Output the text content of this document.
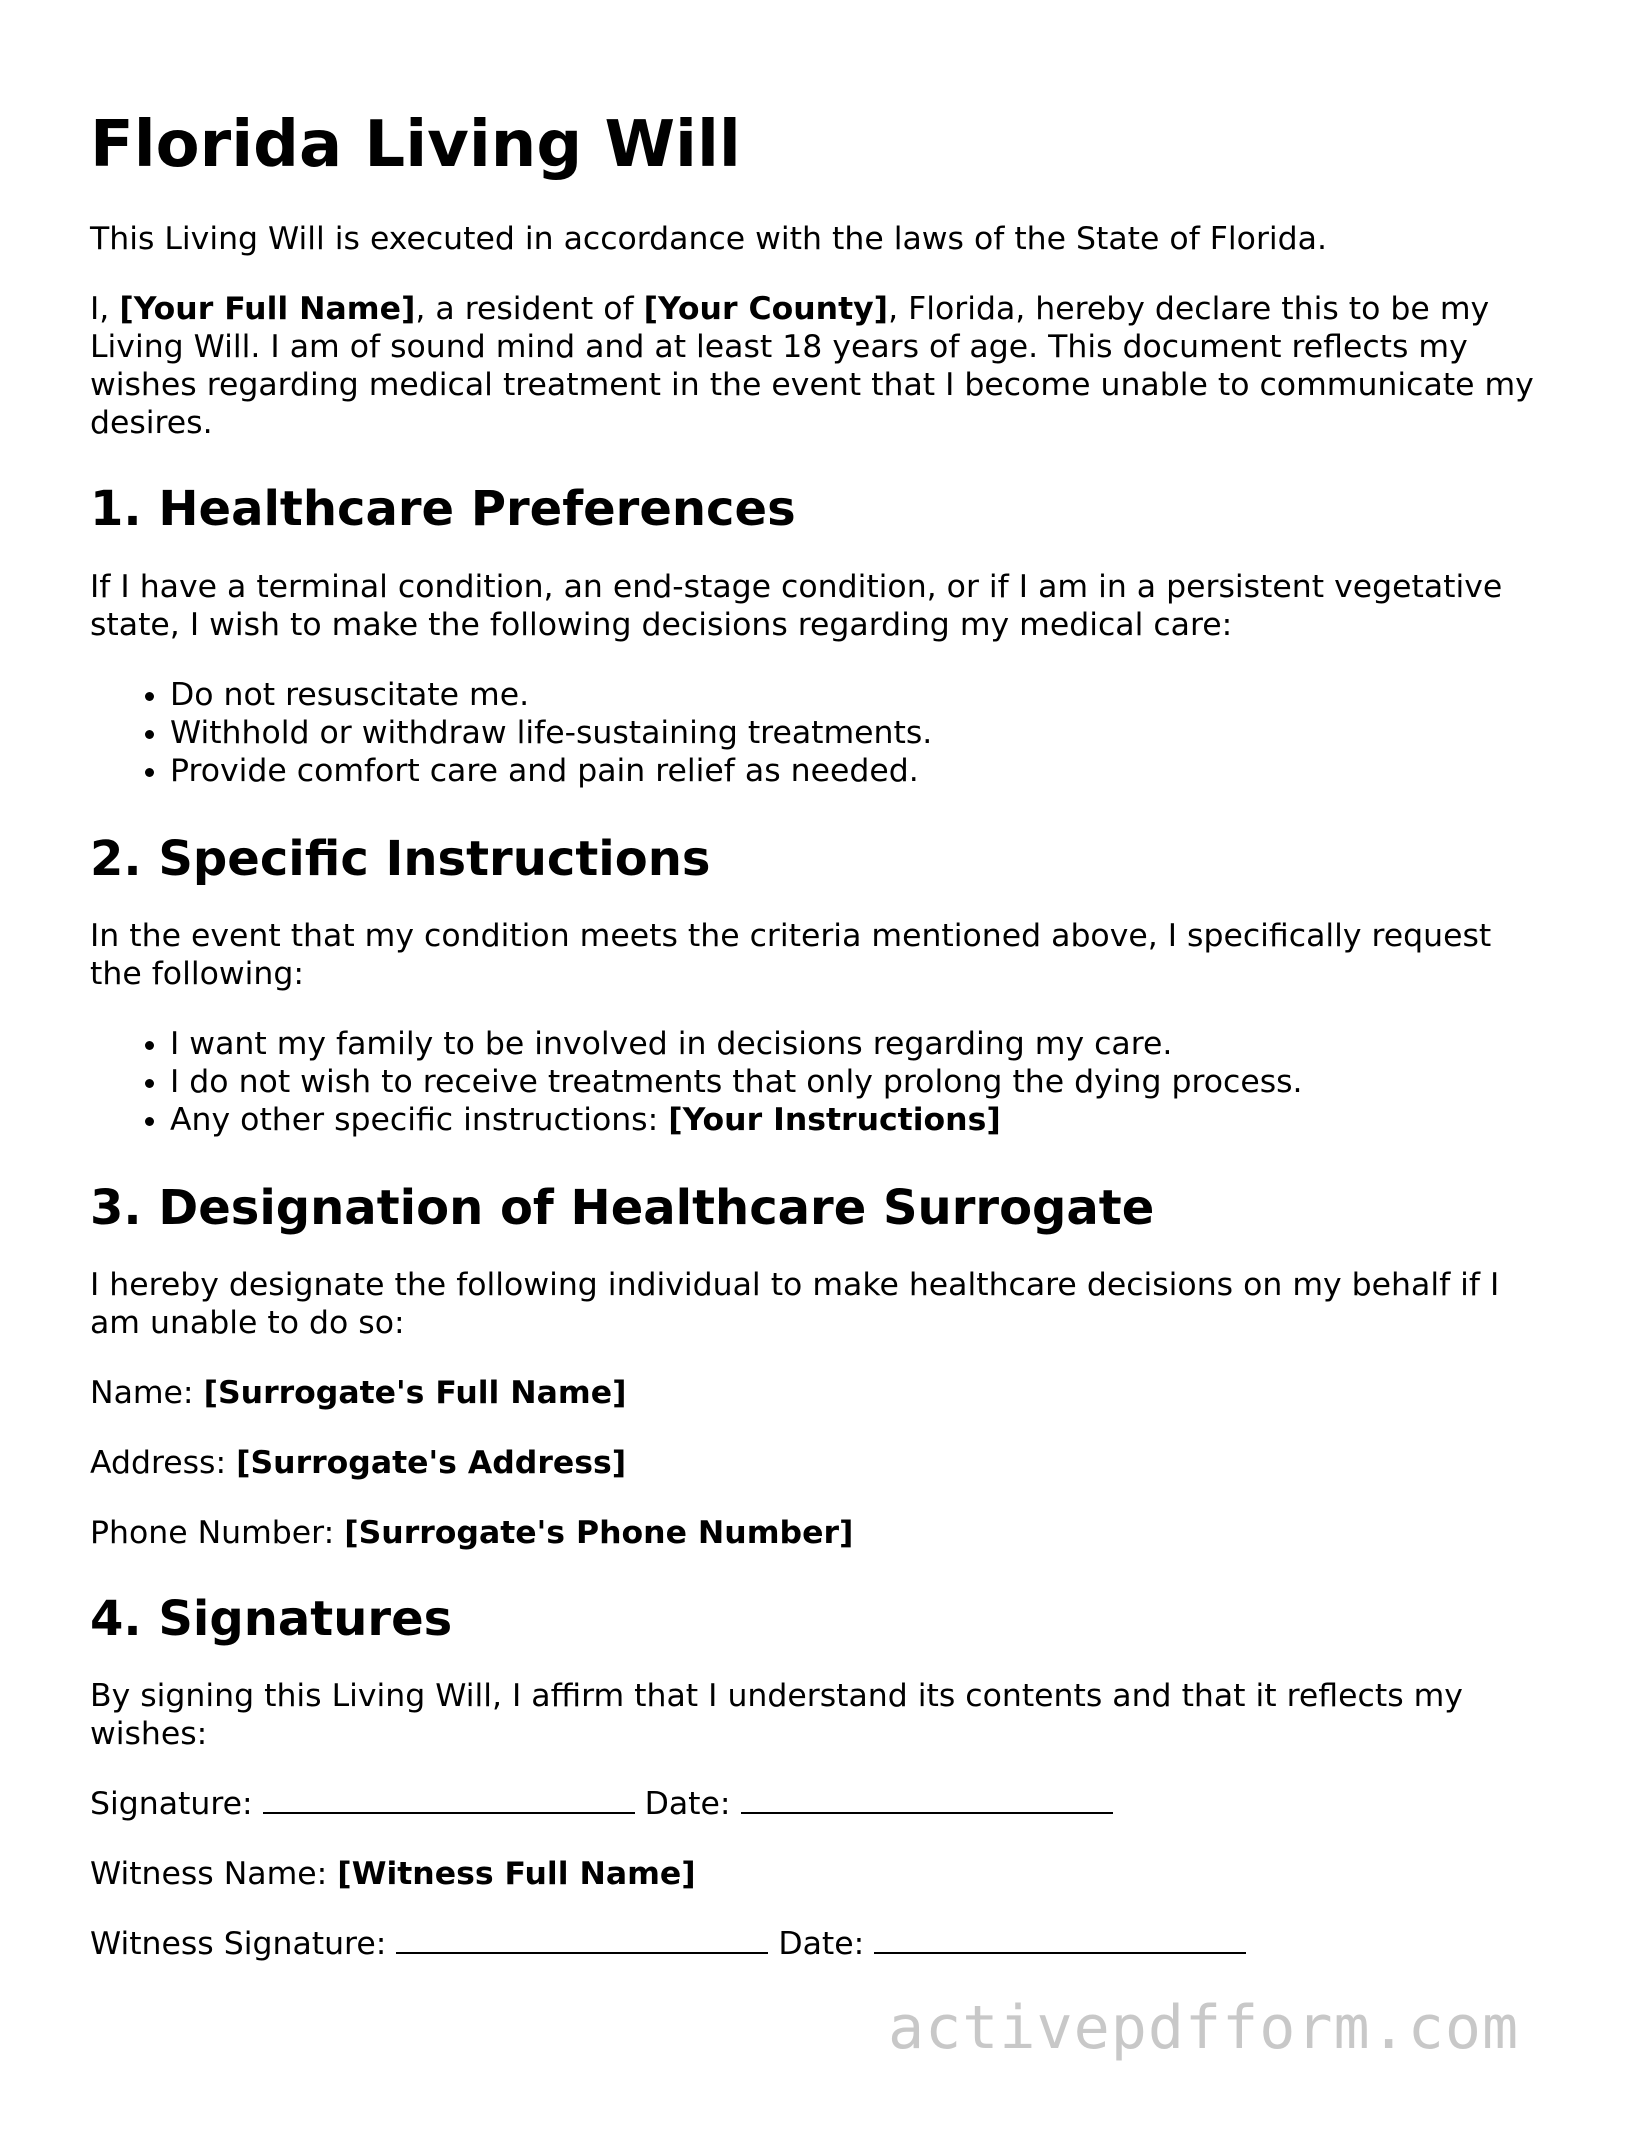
Florida Living Will

This Living Will is executed in accordance with the laws of the State of Florida.

I, [Your Full Name], a resident of [Your County], Florida, hereby declare this to be my Living Will. I am of sound mind and at least 18 years of age. This document reflects my wishes regarding medical treatment in the event that I become unable to communicate my desires.

1. Healthcare Preferences

If I have a terminal condition, an end-stage condition, or if I am in a persistent vegetative state, I wish to make the following decisions regarding my medical care:

• Do not resuscitate me.
• Withhold or withdraw life-sustaining treatments.
• Provide comfort care and pain relief as needed.
2. Specific Instructions

In the event that my condition meets the criteria mentioned above, I specifically request the following:

• I want my family to be involved in decisions regarding my care.
• I do not wish to receive treatments that only prolong the dying process.
• Any other specific instructions: [Your Instructions]
3. Designation of Healthcare Surrogate

I hereby designate the following individual to make healthcare decisions on my behalf if I am unable to do so:

Name: [Surrogate's Full Name]

Address: [Surrogate's Address]

Phone Number: [Surrogate's Phone Number]

4. Signatures

By signing this Living Will, I affirm that I understand its contents and that it reflects my wishes:

Signature:	Date:

Witness Name: [Witness Full Name]

Witness Signature:	Date:

activepdfform.com
